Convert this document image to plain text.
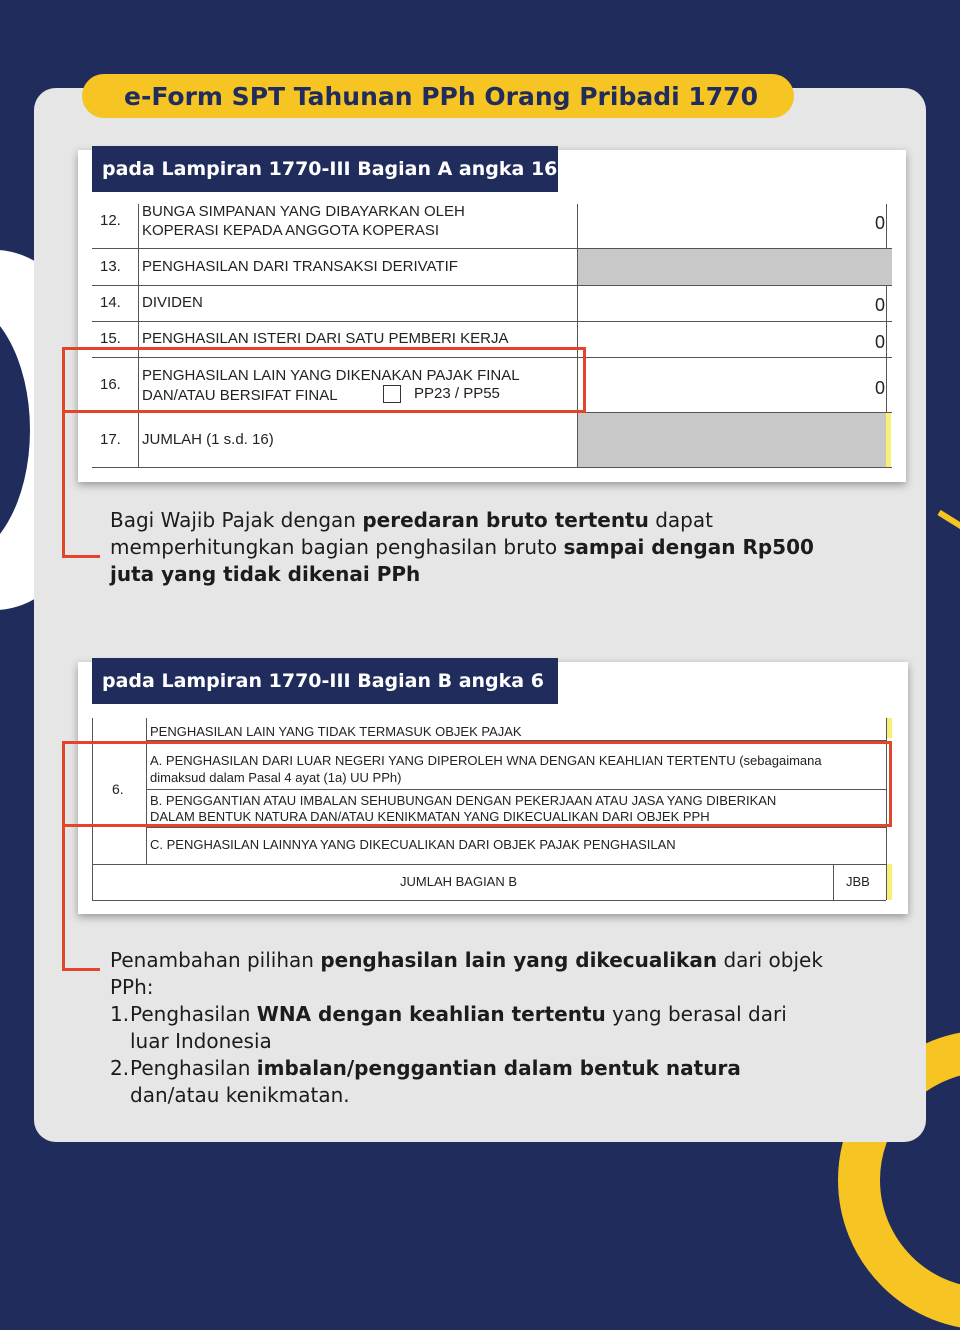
e-Form SPT Tahunan PPh Orang Pribadi 1770
pada Lampiran 1770-III Bagian A angka 16
12.
BUNGA SIMPANAN YANG DIBAYARKAN OLEH
KOPERASI KEPADA ANGGOTA KOPERASI	0
13. PENGHASILAN DARI TRANSAKSI DERIVATIF
14. DIVIDEN	0
15. PENGHASILAN ISTERI DARI SATU PEMBERI KERJA	0
16.
PENGHASILAN LAIN YANG DIKENAKAN PAJAK FINAL
DAN/ATAU BERSIFAT FINAL	PP23 / PP55	0
17. JUMLAH (1 s.d. 16)
Bagi Wajib Pajak dengan peredaran bruto tertentu dapat memperhitungkan bagian penghasilan bruto sampai dengan Rp500 juta yang tidak dikenai PPh
pada Lampiran 1770-III Bagian B angka 6
6.
PENGHASILAN LAIN YANG TIDAK TERMASUK OBJEK PAJAK
A. PENGHASILAN DARI LUAR NEGERI YANG DIPEROLEH WNA DENGAN KEAHLIAN TERTENTU (sebagaimana
dimaksud dalam Pasal 4 ayat (1a) UU PPh)
B. PENGGANTIAN ATAU IMBALAN SEHUBUNGAN DENGAN PEKERJAAN ATAU JASA YANG DIBERIKAN
DALAM BENTUK NATURA DAN/ATAU KENIKMATAN YANG DIKECUALIKAN DARI OBJEK PPH
C. PENGHASILAN LAINNYA YANG DIKECUALIKAN DARI OBJEK PAJAK PENGHASILAN
JUMLAH BAGIAN B	JBB
Penambahan pilihan penghasilan lain yang dikecualikan dari objek PPh:
1. Penghasilan WNA dengan keahlian tertentu yang berasal dari luar Indonesia
2. Penghasilan imbalan/penggantian dalam bentuk natura dan/atau kenikmatan.
